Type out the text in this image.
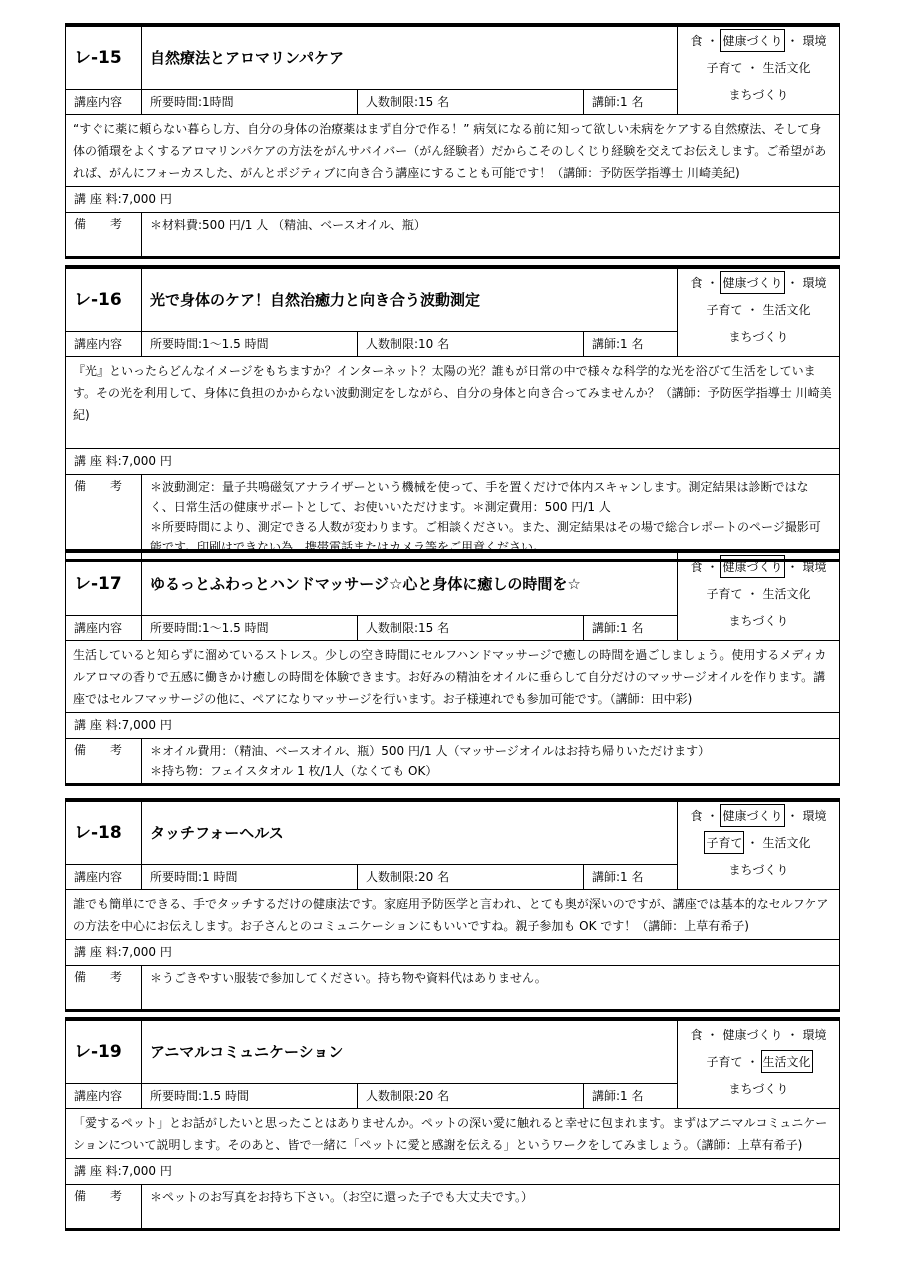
レ-15	自然療法とアロマリンパケア
講座内容	所要時間:1時間	人数制限:15 名	講師:1 名
食 ・ 健康づくり ・ 環境
子育て ・ 生活文化
まちづくり
“すぐに薬に頼らない暮らし方、自分の身体の治療薬はまず自分で作る！” 病気になる前に知って欲しい未病をケアする自然療法、そして身体の循環をよくするアロマリンパケアの方法をがんサバイバー（がん経験者）だからこそのしくじり経験を交えてお伝えします。ご希望があれば、がんにフォーカスした、がんとポジティブに向き合う講座にすることも可能です！（講師：予防医学指導士 川崎美紀)
講 座 料:7,000 円
備　　考	＊材料費:500 円/1 人 （精油、ベースオイル、瓶）
レ-16	光で身体のケア！自然治癒力と向き合う波動測定
講座内容	所要時間:1～1.5 時間	人数制限:10 名	講師:1 名
食 ・ 健康づくり ・ 環境
子育て ・ 生活文化
まちづくり
『光』といったらどんなイメージをもちますか？インターネット？太陽の光？誰もが日常の中で様々な科学的な光を浴びて生活をしています。その光を利用して、身体に負担のかからない波動測定をしながら、自分の身体と向き合ってみませんか？（講師：予防医学指導士 川崎美紀)
講 座 料:7,000 円
備　　考	＊波動測定：量子共鳴磁気アナライザーという機械を使って、手を置くだけで体内スキャンします。測定結果は診断ではなく、日常生活の健康サポートとして、お使いいただけます。＊測定費用：500 円/1 人
＊所要時間により、測定できる人数が変わります。ご相談ください。また、測定結果はその場で総合レポートのページ撮影可能です。印刷はできない為、携帯電話またはカメラ等をご用意ください。
レ-17	ゆるっとふわっとハンドマッサージ☆心と身体に癒しの時間を☆
講座内容	所要時間:1～1.5 時間	人数制限:15 名	講師:1 名
食 ・ 健康づくり ・ 環境
子育て ・ 生活文化
まちづくり
生活していると知らずに溜めているストレス。少しの空き時間にセルフハンドマッサージで癒しの時間を過ごしましょう。使用するメディカルアロマの香りで五感に働きかけ癒しの時間を体験できます。お好みの精油をオイルに垂らして自分だけのマッサージオイルを作ります。講座ではセルフマッサージの他に、ペアになりマッサージを行います。お子様連れでも参加可能です。（講師：田中彩)
講 座 料:7,000 円
備　　考	＊オイル費用：（精油、ベースオイル、瓶）500 円/1 人（マッサージオイルはお持ち帰りいただけます）
＊持ち物：フェイスタオル 1 枚/1人（なくても OK）
レ-18	タッチフォーヘルス
講座内容	所要時間:1 時間	人数制限:20 名	講師:1 名
食 ・ 健康づくり ・ 環境
子育て ・ 生活文化
まちづくり
誰でも簡単にできる、手でタッチするだけの健康法です。家庭用予防医学と言われ、とても奥が深いのですが、講座では基本的なセルフケアの方法を中心にお伝えします。お子さんとのコミュニケーションにもいいですね。親子参加も OK です！（講師：上草有希子)
講 座 料:7,000 円
備　　考	＊うごきやすい服装で参加してください。持ち物や資料代はありません。
レ-19	アニマルコミュニケーション
講座内容	所要時間:1.5 時間	人数制限:20 名	講師:1 名
食 ・ 健康づくり ・ 環境
子育て ・ 生活文化
まちづくり
「愛するペット」とお話がしたいと思ったことはありませんか。ペットの深い愛に触れると幸せに包まれます。まずはアニマルコミュニケーションについて説明します。そのあと、皆で一緒に「ペットに愛と感謝を伝える」というワークをしてみましょう。（講師：上草有希子)
講 座 料:7,000 円
備　　考	＊ペットのお写真をお持ち下さい。（お空に還った子でも大丈夫です。）
